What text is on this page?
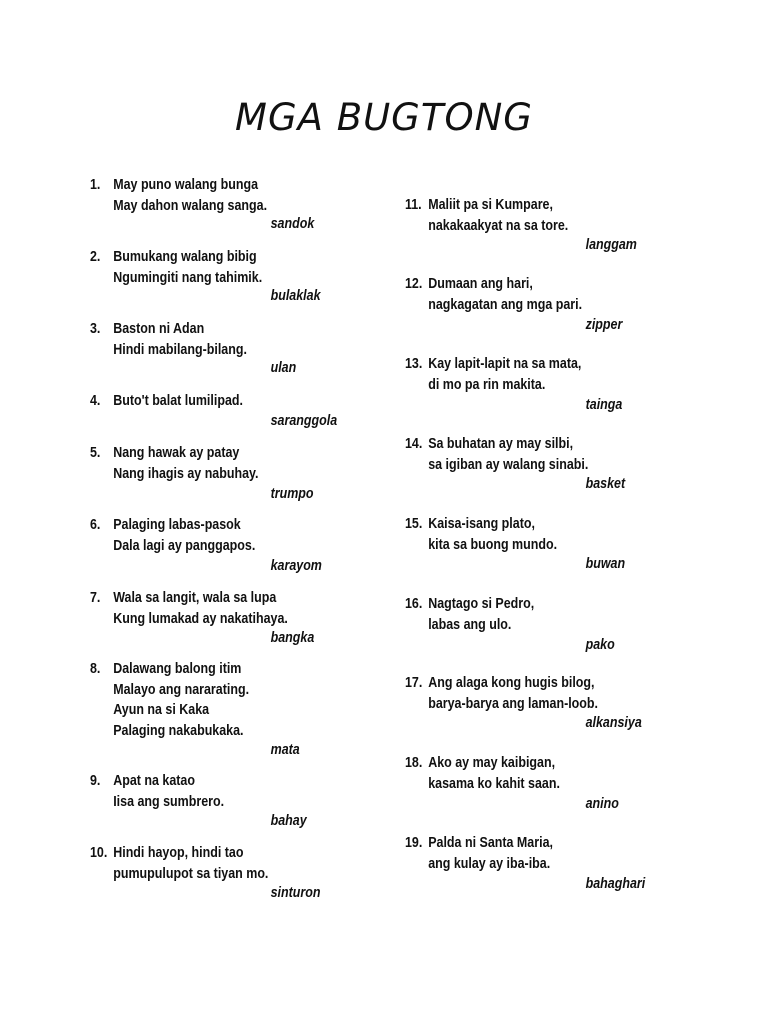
MGA BUGTONG
1. May puno walang bunga
May dahon walang sanga.
sandok
2. Bumukang walang bibig
Ngumingiti nang tahimik.
bulaklak
3. Baston ni Adan
Hindi mabilang-bilang.
ulan
4. Buto't balat lumilipad.
saranggola
5. Nang hawak ay patay
Nang ihagis ay nabuhay.
trumpo
6. Palaging labas-pasok
Dala lagi ay panggapos.
karayom
7. Wala sa langit, wala sa lupa
Kung lumakad ay nakatihaya.
bangka
8. Dalawang balong itim
Malayo ang nararating.
Ayun na si Kaka
Palaging nakabukaka.
mata
9. Apat na katao
Iisa ang sumbrero.
bahay
10. Hindi hayop, hindi tao
pumupulupot sa tiyan mo.
sinturon
11. Maliit pa si Kumpare,
nakakaakyat na sa tore.
langgam
12. Dumaan ang hari,
nagkagatan ang mga pari.
zipper
13. Kay lapit-lapit na sa mata,
di mo pa rin makita.
tainga
14. Sa buhatan ay may silbi,
sa igiban ay walang sinabi.
basket
15. Kaisa-isang plato,
kita sa buong mundo.
buwan
16. Nagtago si Pedro,
labas ang ulo.
pako
17. Ang alaga kong hugis bilog,
barya-barya ang laman-loob.
alkansiya
18. Ako ay may kaibigan,
kasama ko kahit saan.
anino
19. Palda ni Santa Maria,
ang kulay ay iba-iba.
bahaghari
